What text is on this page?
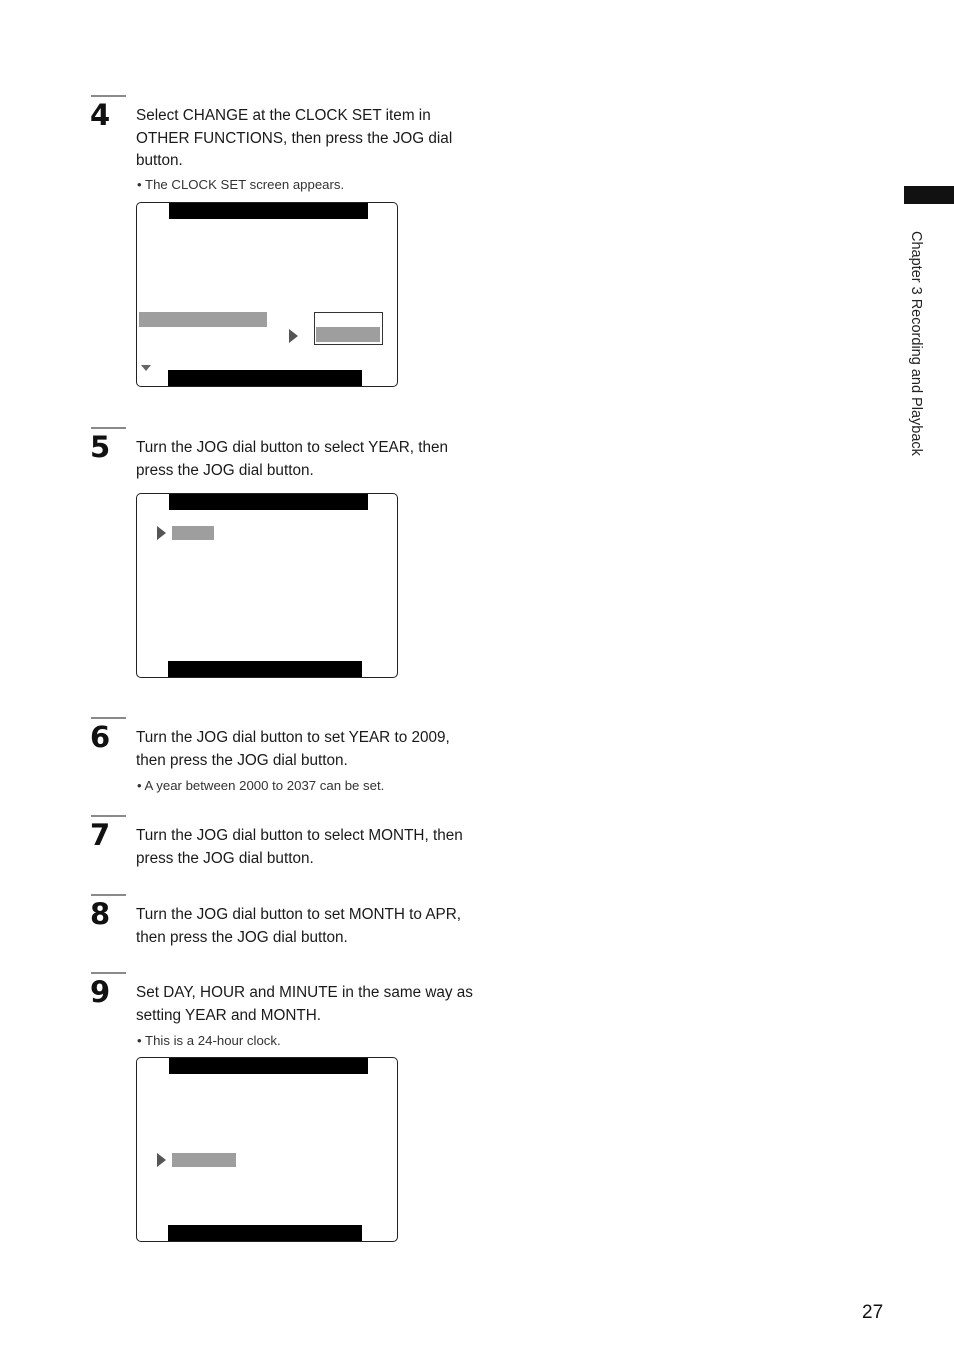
Chapter 3 Recording and Playback
4	Select CHANGE at the CLOCK SET item in OTHER FUNCTIONS, then press the JOG dial button.

• The CLOCK SET screen appears.

5	Turn the JOG dial button to select YEAR, then press the JOG dial button.

6	Turn the JOG dial button to set YEAR to 2009, then press the JOG dial button.

• A year between 2000 to 2037 can be set.

7	Turn the JOG dial button to select MONTH, then press the JOG dial button.

8	Turn the JOG dial button to set MONTH to APR, then press the JOG dial button.

9	Set DAY, HOUR and MINUTE in the same way as setting YEAR and MONTH.

• This is a 24-hour clock.

27
